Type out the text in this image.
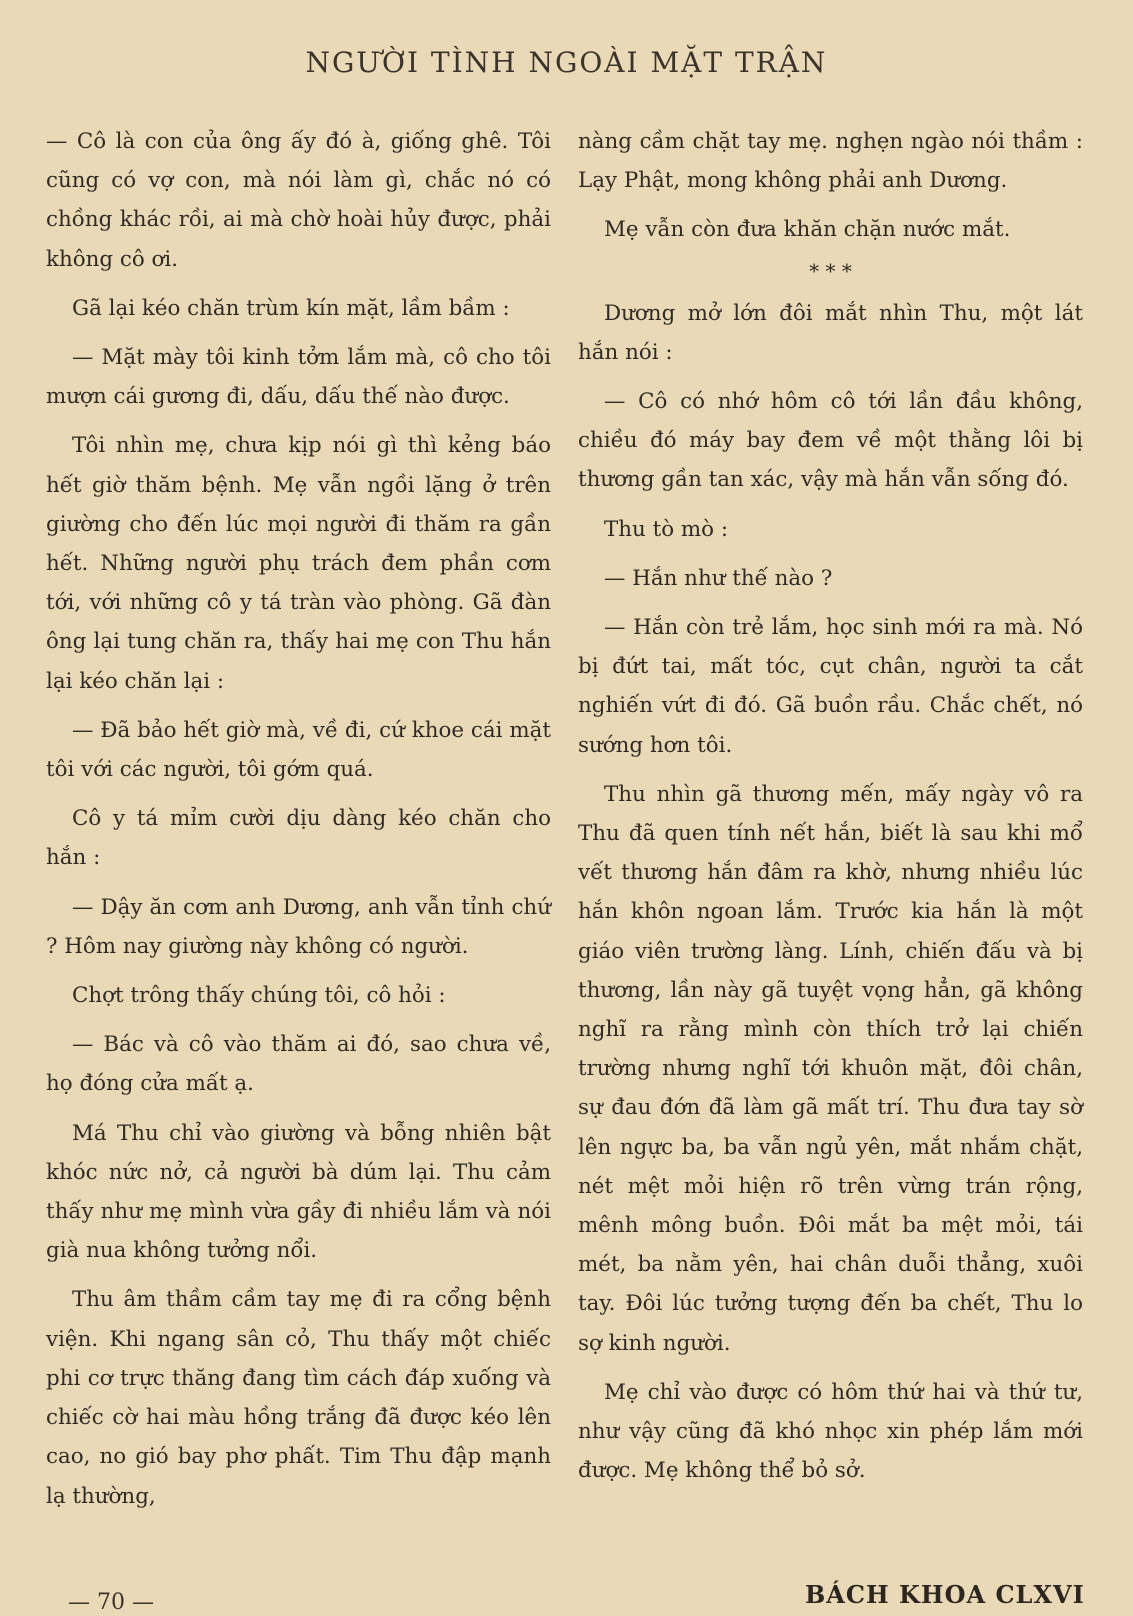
NGƯỜI TÌNH NGOÀI MẶT TRẬN

— Cô là con của ông ấy đó à, giống ghê. Tôi cũng có vợ con, mà nói làm gì, chắc nó có chồng khác rồi, ai mà chờ hoài hủy được, phải không cô ơi.

Gã lại kéo chăn trùm kín mặt, lầm bầm :

— Mặt mày tôi kinh tởm lắm mà, cô cho tôi mượn cái gương đi, dấu, dấu thế nào được.

Tôi nhìn mẹ, chưa kịp nói gì thì kẻng báo hết giờ thăm bệnh. Mẹ vẫn ngồi lặng ở trên giường cho đến lúc mọi người đi thăm ra gần hết. Những người phụ trách đem phần cơm tới, với những cô y tá tràn vào phòng. Gã đàn ông lại tung chăn ra, thấy hai mẹ con Thu hắn lại kéo chăn lại :

— Đã bảo hết giờ mà, về đi, cứ khoe cái mặt tôi với các người, tôi gớm quá.

Cô y tá mỉm cười dịu dàng kéo chăn cho hắn :

— Dậy ăn cơm anh Dương, anh vẫn tỉnh chứ ? Hôm nay giường này không có người.

Chợt trông thấy chúng tôi, cô hỏi :

— Bác và cô vào thăm ai đó, sao chưa về, họ đóng cửa mất ạ.

Má Thu chỉ vào giường và bỗng nhiên bật khóc nức nở, cả người bà dúm lại. Thu cảm thấy như mẹ mình vừa gầy đi nhiều lắm và nói già nua không tưởng nổi.

Thu âm thầm cầm tay mẹ đi ra cổng bệnh viện. Khi ngang sân cỏ, Thu thấy một chiếc phi cơ trực thăng đang tìm cách đáp xuống và chiếc cờ hai màu hồng trắng đã được kéo lên cao, no gió bay phơ phất. Tim Thu đập mạnh lạ thường,

nàng cầm chặt tay mẹ. nghẹn ngào nói thầm : Lạy Phật, mong không phải anh Dương.

Mẹ vẫn còn đưa khăn chặn nước mắt.

* * *

Dương mở lớn đôi mắt nhìn Thu, một lát hắn nói :

— Cô có nhớ hôm cô tới lần đầu không, chiều đó máy bay đem về một thằng lôi bị thương gần tan xác, vậy mà hắn vẫn sống đó.

Thu tò mò :

— Hắn như thế nào ?

— Hắn còn trẻ lắm, học sinh mới ra mà. Nó bị đứt tai, mất tóc, cụt chân, người ta cắt nghiến vứt đi đó. Gã buồn rầu. Chắc chết, nó sướng hơn tôi.

Thu nhìn gã thương mến, mấy ngày vô ra Thu đã quen tính nết hắn, biết là sau khi mổ vết thương hắn đâm ra khờ, nhưng nhiều lúc hắn khôn ngoan lắm. Trước kia hắn là một giáo viên trường làng. Lính, chiến đấu và bị thương, lần này gã tuyệt vọng hẳn, gã không nghĩ ra rằng mình còn thích trở lại chiến trường nhưng nghĩ tới khuôn mặt, đôi chân, sự đau đớn đã làm gã mất trí. Thu đưa tay sờ lên ngực ba, ba vẫn ngủ yên, mắt nhắm chặt, nét mệt mỏi hiện rõ trên vừng trán rộng, mênh mông buồn. Đôi mắt ba mệt mỏi, tái mét, ba nằm yên, hai chân duỗi thẳng, xuôi tay. Đôi lúc tưởng tượng đến ba chết, Thu lo sợ kinh người.

Mẹ chỉ vào được có hôm thứ hai và thứ tư, như vậy cũng đã khó nhọc xin phép lắm mới được. Mẹ không thể bỏ sở.

— 70 —	BÁCH KHOA CLXVI
